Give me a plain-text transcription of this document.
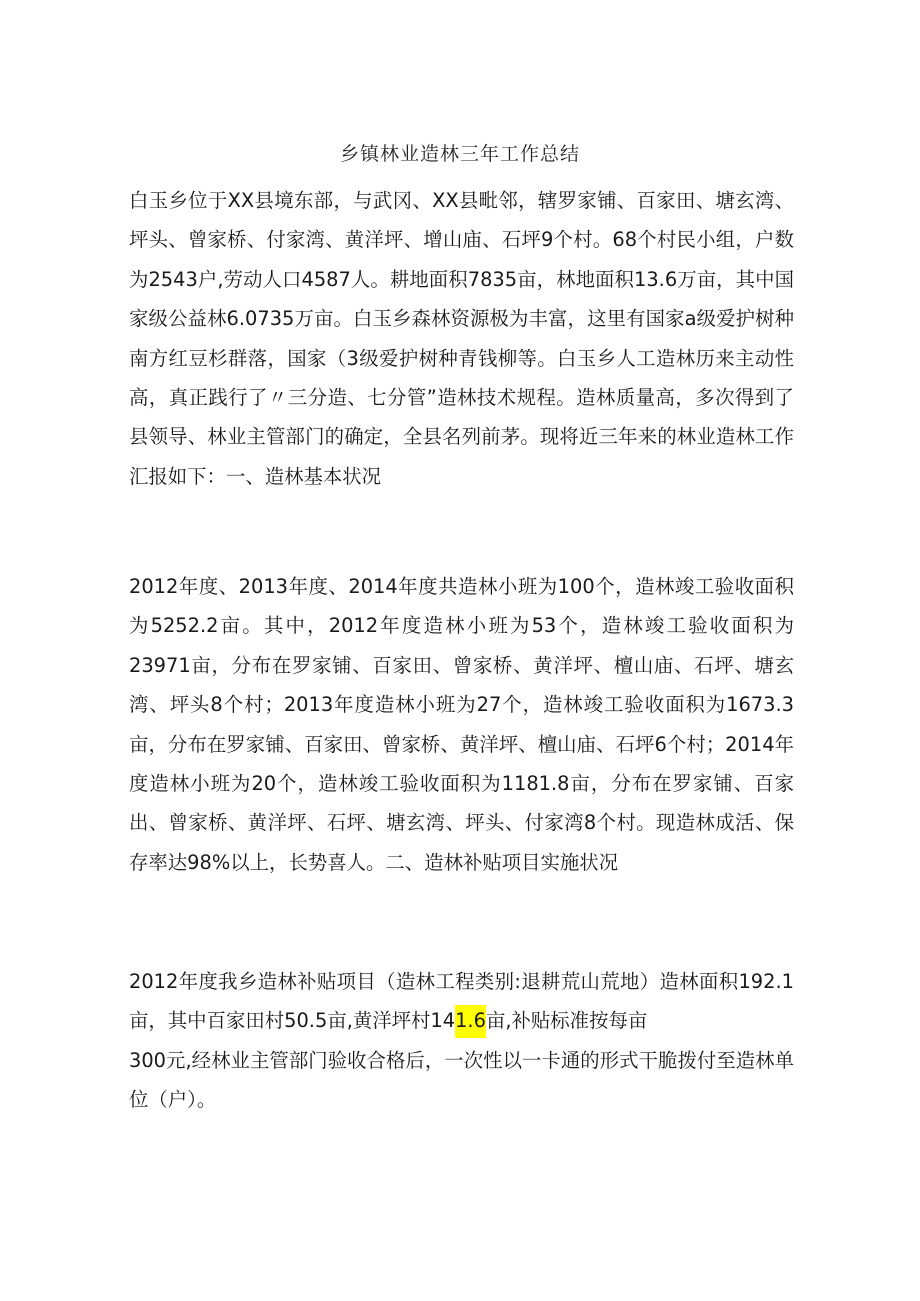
乡镇林业造林三年工作总结

白玉乡位于XX县境东部，与武冈、XX县毗邻，辖罗家铺、百家田、塘玄湾、坪头、曾家桥、付家湾、黄洋坪、增山庙、石坪9个村。68个村民小组，户数为2543户,劳动人口4587人。耕地面积7835亩，林地面积13.6万亩，其中国家级公益林6.0735万亩。白玉乡森林资源极为丰富，这里有国家a级爱护树种南方红豆杉群落，国家（3级爱护树种青钱柳等。白玉乡人工造林历来主动性高，真正践行了〃三分造、七分管”造林技术规程。造林质量高，多次得到了县领导、林业主管部门的确定，全县名列前茅。现将近三年来的林业造林工作汇报如下：一、造林基本状况

2012年度、2013年度、2014年度共造林小班为100个，造林竣工验收面积为5252.2亩。其中，2012年度造林小班为53个，造林竣工验收面积为23971亩，分布在罗家铺、百家田、曾家桥、黄洋坪、檀山庙、石坪、塘玄湾、坪头8个村；2013年度造林小班为27个，造林竣工验收面积为1673.3亩，分布在罗家铺、百家田、曾家桥、黄洋坪、檀山庙、石坪6个村；2014年度造林小班为20个，造林竣工验收面积为1181.8亩，分布在罗家铺、百家出、曾家桥、黄洋坪、石坪、塘玄湾、坪头、付家湾8个村。现造林成活、保存率达98%以上，长势喜人。二、造林补贴项目实施状况

2012年度我乡造林补贴项目（造林工程类别:退耕荒山荒地）造林面积192.1亩，其中百家田村50.5亩,黄洋坪村141.6亩,补贴标准按每亩

300元,经林业主管部门验收合格后，一次性以一卡通的形式干脆拨付至造林单位（户）。
